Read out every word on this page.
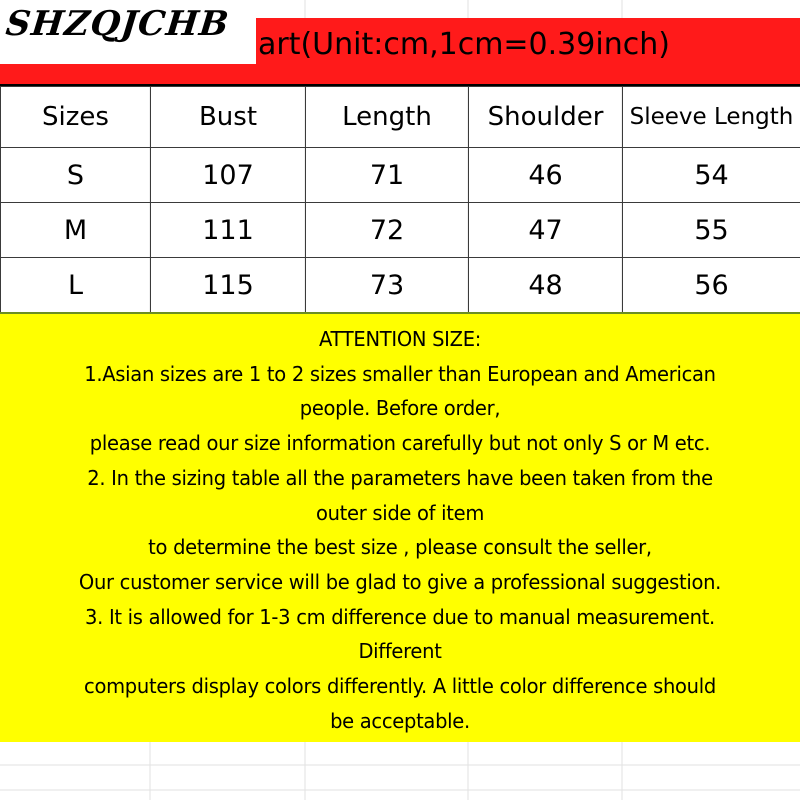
art(Unit:cm,1cm=0.39inch)
SHZQJCHB
Sizes	Bust	Length	Shoulder	Sleeve Length
S	107	71	46	54
M	111	72	47	55
L	115	73	48	56
ATTENTION SIZE:
1.Asian sizes are 1 to 2 sizes smaller than European and American
people. Before order,
please read our size information carefully but not only S or M etc.
2. In the sizing table all the parameters have been taken from the
outer side of item
to determine the best size , please consult the seller,
Our customer service will be glad to give a professional suggestion.
3. It is allowed for 1-3 cm difference due to manual measurement.
Different
computers display colors differently. A little color difference should
be acceptable.
